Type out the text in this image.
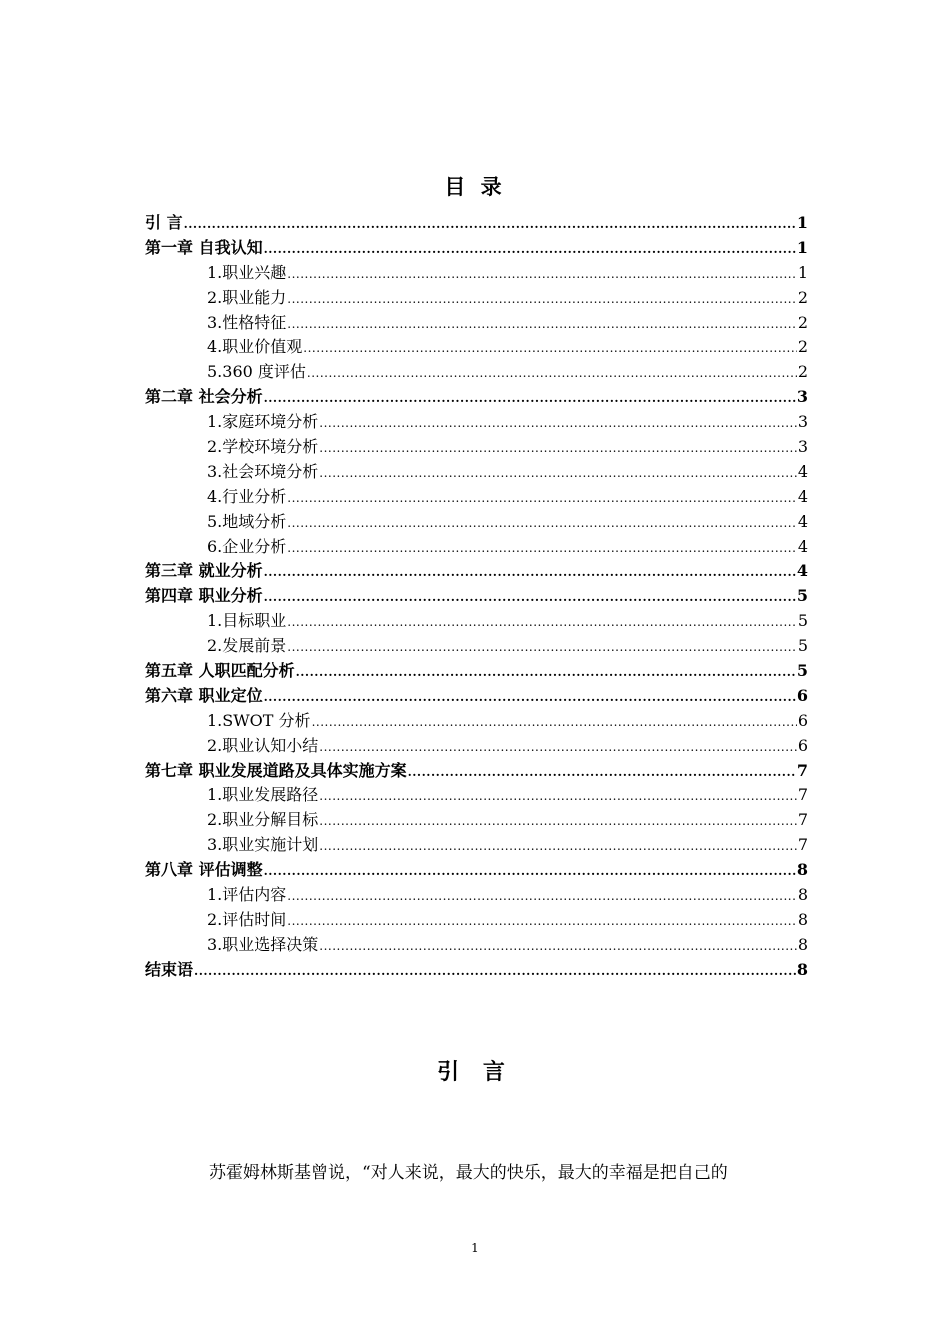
目 录
引 言 .....	1
第一章 自我认知 .....	1
1.职业兴趣 .....	1
2.职业能力 .....	2
3.性格特征 .....	2
4.职业价值观 .....	2
5.360 度评估 .....	2
第二章 社会分析 .....	3
1.家庭环境分析 .....	3
2.学校环境分析 .....	3
3.社会环境分析 .....	4
4.行业分析 .....	4
5.地域分析 .....	4
6.企业分析 .....	4
第三章 就业分析 .....	4
第四章 职业分析 .....	5
1.目标职业 .....	5
2.发展前景 .....	5
第五章 人职匹配分析 .....	5
第六章 职业定位 .....	6
1.SWOT 分析 .....	6
2.职业认知小结 .....	6
第七章 职业发展道路及具体实施方案 .....	7
1.职业发展路径 .....	7
2.职业分解目标 .....	7
3.职业实施计划 .....	7
第八章 评估调整 .....	8
1.评估内容 .....	8
2.评估时间 .....	8
3.职业选择决策 .....	8
结束语 .....	8
引 言
苏霍姆林斯基曾说，“对人来说，最大的快乐，最大的幸福是把自己的
1
